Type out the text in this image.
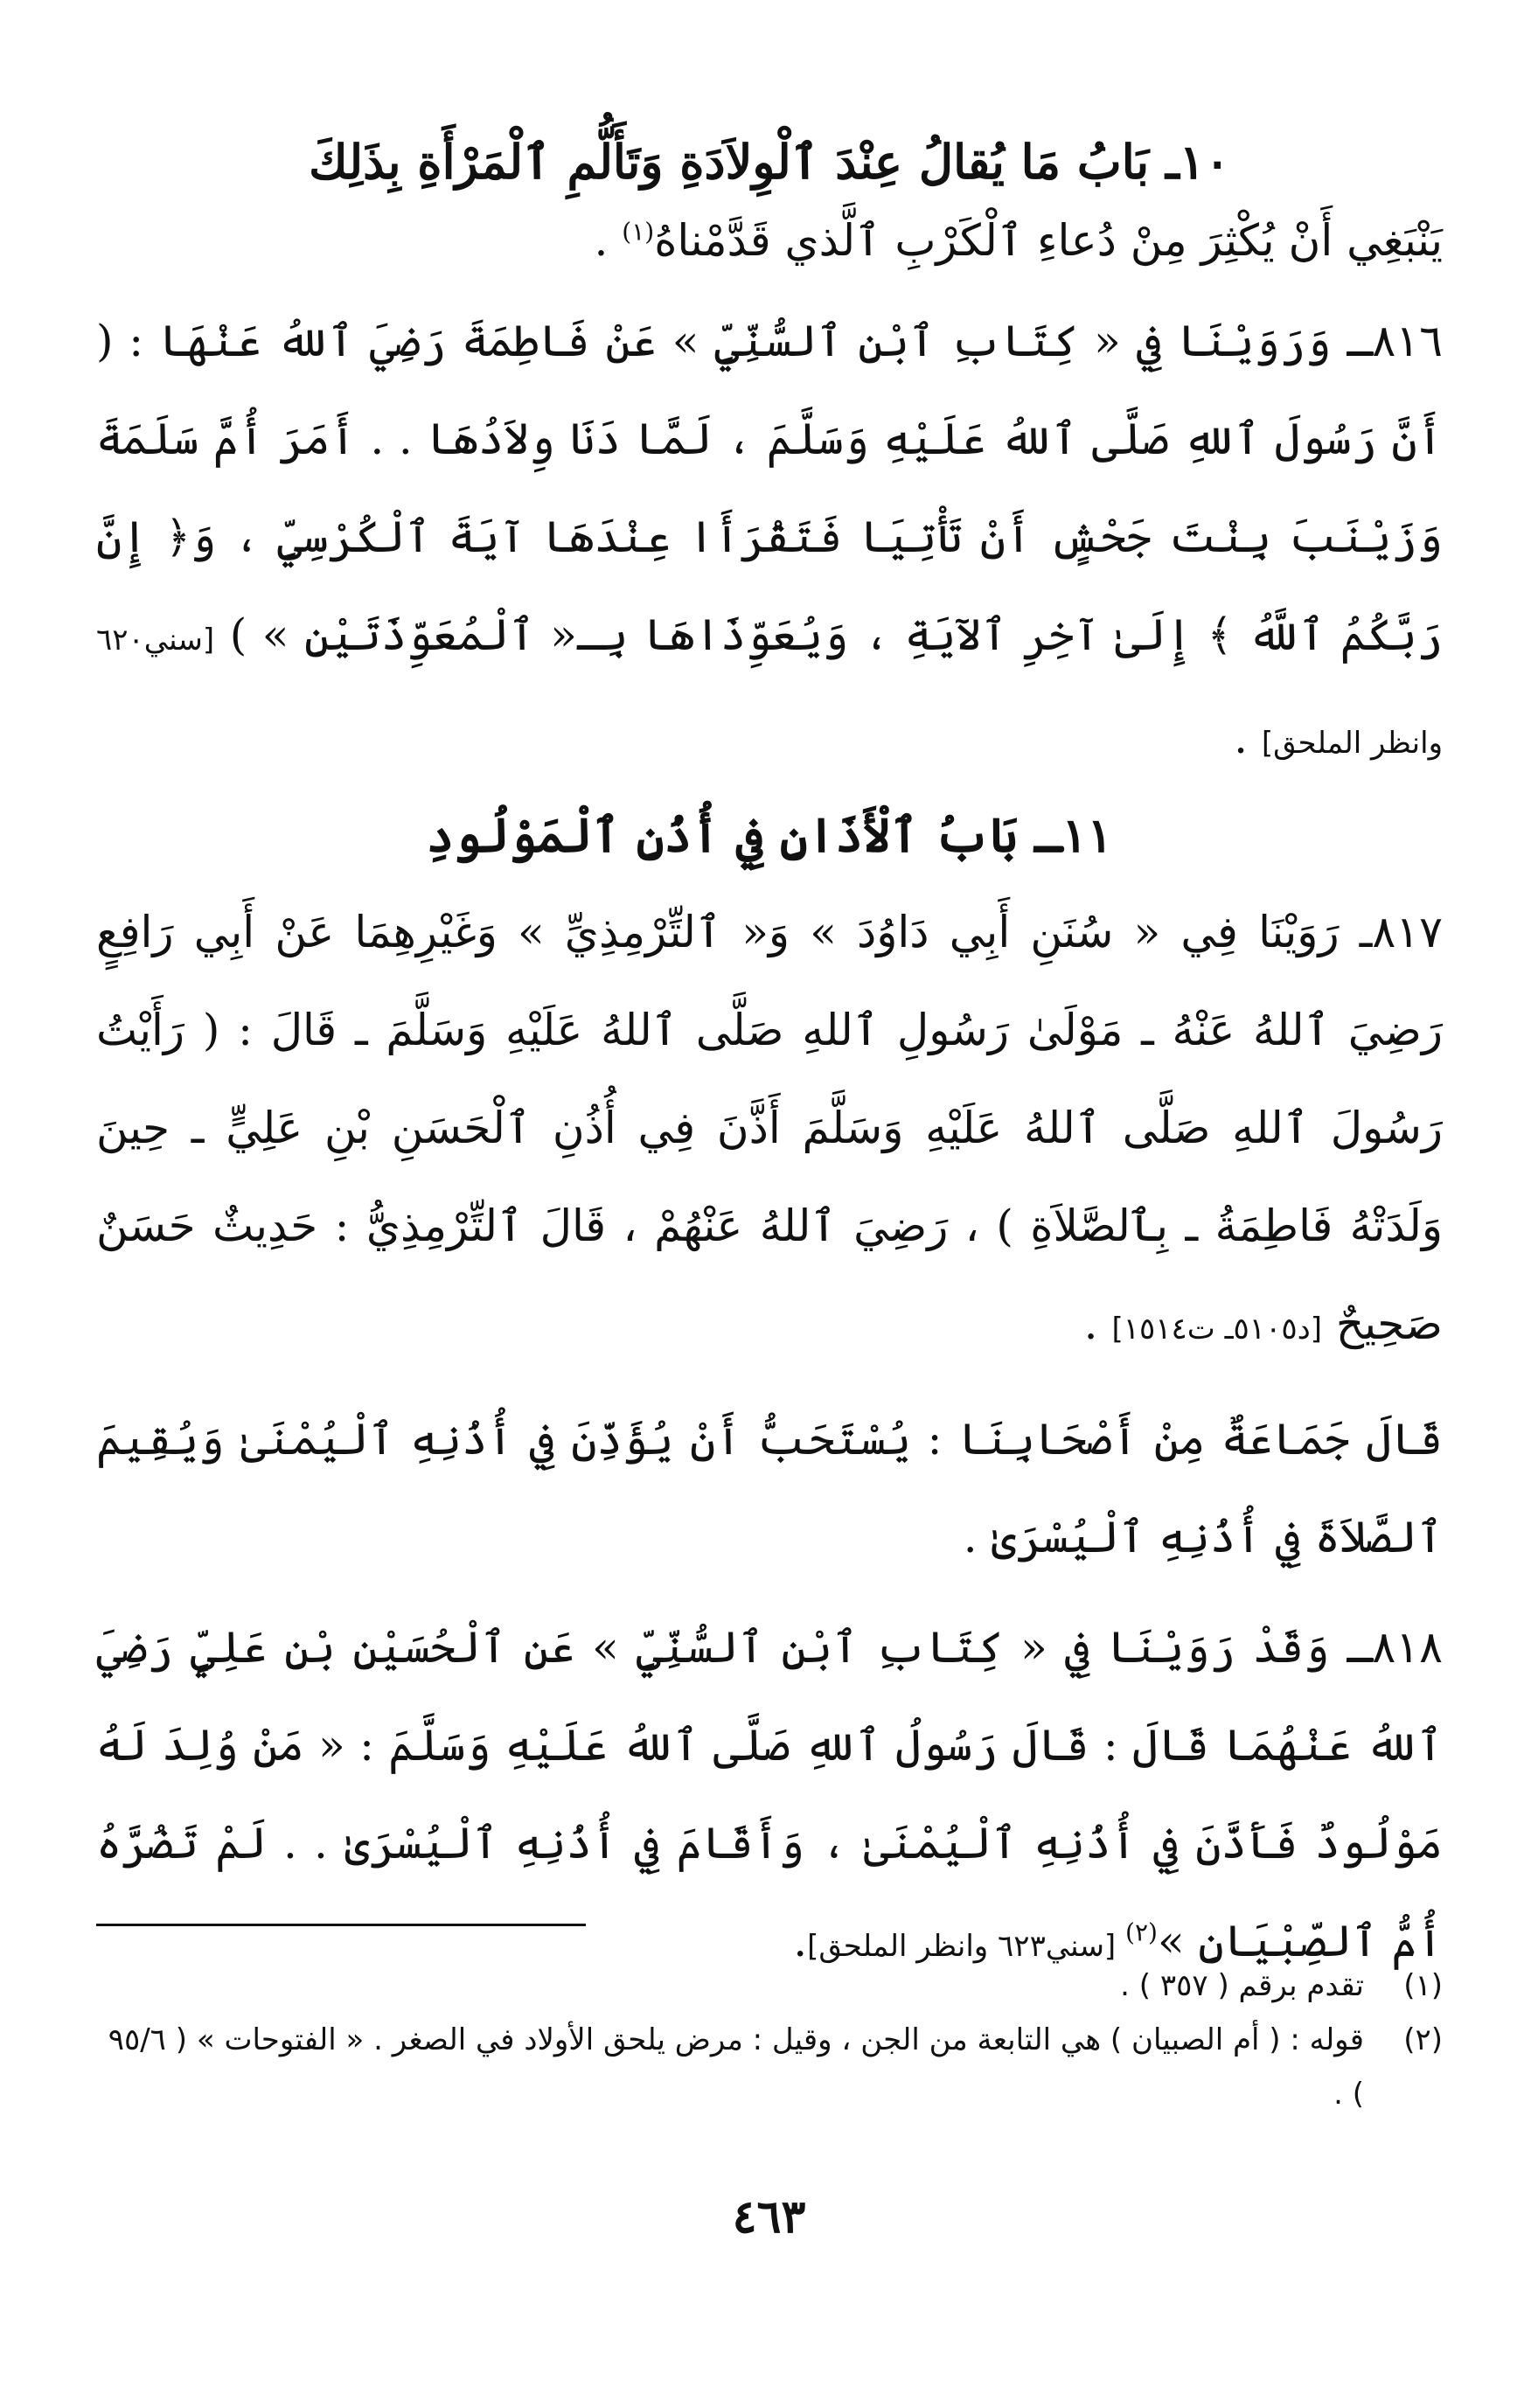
١٠ـ بَابُ مَا يُقالُ عِنْدَ ٱلْوِلاَدَةِ وَتَأَلُّمِ ٱلْمَرْأَةِ بِذَلِكَ
يَنْبَغِي أَنْ يُكْثِرَ مِنْ دُعاءِ ٱلْكَرْبِ ٱلَّذي قَدَّمْناهُ$^{(١)}$ .
٨١٦ـ وَرَوَيْنَا فِي « كِتَابِ ٱبْنِ ٱلسُّنِّيِّ » عَنْ فَاطِمَةَ رَضِيَ ٱللهُ عَنْهَا : ( أَنَّ رَسُولَ ٱللهِ صَلَّى ٱللهُ عَلَيْهِ وَسَلَّمَ ، لَمَّا دَنَا وِلاَدُهَا . . أَمَرَ أُمَّ سَلَمَةَ وَزَيْنَبَ بِنْتَ جَحْشٍ أَنْ تَأْتِيَا فَتَقْرَأَا عِنْدَهَا آيَةَ ٱلْكُرْسِيِّ ، وَ﴿ إِنَّ رَبَّكُمُ ٱللَّهُ ﴾ إِلَىٰ آخِرِ ٱلآيَةِ ، وَيُعَوِّذَاهَا بِـ« ٱلْمُعَوِّذَتَيْنِ » ) [سني٦٢٠ وانظر الملحق] .
١١ـ بَابُ ٱلْأَذَانِ فِي أُذُنِ ٱلْمَوْلُودِ
٨١٧ـ رَوَيْنَا فِي « سُنَنِ أَبِي دَاوُدَ » وَ« ٱلتِّرْمِذِيِّ » وَغَيْرِهِمَا عَنْ أَبِي رَافِعٍ رَضِيَ ٱللهُ عَنْهُ ـ مَوْلَىٰ رَسُولِ ٱللهِ صَلَّى ٱللهُ عَلَيْهِ وَسَلَّمَ ـ قَالَ : ( رَأَيْتُ رَسُولَ ٱللهِ صَلَّى ٱللهُ عَلَيْهِ وَسَلَّمَ أَذَّنَ فِي أُذُنِ ٱلْحَسَنِ بْنِ عَلِيٍّ ـ حِينَ وَلَدَتْهُ فَاطِمَةُ ـ بِٱلصَّلاَةِ ) ، رَضِيَ ٱللهُ عَنْهُمْ ، قَالَ ٱلتِّرْمِذِيُّ : حَدِيثٌ حَسَنٌ صَحِيحٌ [د٥١٠٥ـ ت١٥١٤] .
قَالَ جَمَاعَةٌ مِنْ أَصْحَابِنَا : يُسْتَحَبُّ أَنْ يُؤَذِّنَ فِي أُذُنِهِ ٱلْيُمْنَىٰ وَيُقِيمَ ٱلصَّلاَةَ فِي أُذُنِهِ ٱلْيُسْرَىٰ .
٨١٨ـ وَقَدْ رَوَيْنَا فِي « كِتَابِ ٱبْنِ ٱلسُّنِّيِّ » عَنِ ٱلْحُسَيْنِ بْنِ عَلِيٍّ رَضِيَ ٱللهُ عَنْهُمَا قَالَ : قَالَ رَسُولُ ٱللهِ صَلَّى ٱللهُ عَلَيْهِ وَسَلَّمَ : « مَنْ وُلِدَ لَهُ مَوْلُودٌ فَأَذَّنَ فِي أُذُنِهِ ٱلْيُمْنَىٰ ، وَأَقَامَ فِي أُذُنِهِ ٱلْيُسْرَىٰ . . لَمْ تَضُرَّهُ أُمُّ ٱلصِّبْيَانِ »$^{(٢)}$ [سني٦٢٣ وانظر الملحق].
(١)
تقدم برقم ( ٣٥٧ ) .
(٢)
قوله : ( أم الصبيان ) هي التابعة من الجن ، وقيل : مرض يلحق الأولاد في الصغر . « الفتوحات » ( ٩٥/٦ ) .
٤٦٣
